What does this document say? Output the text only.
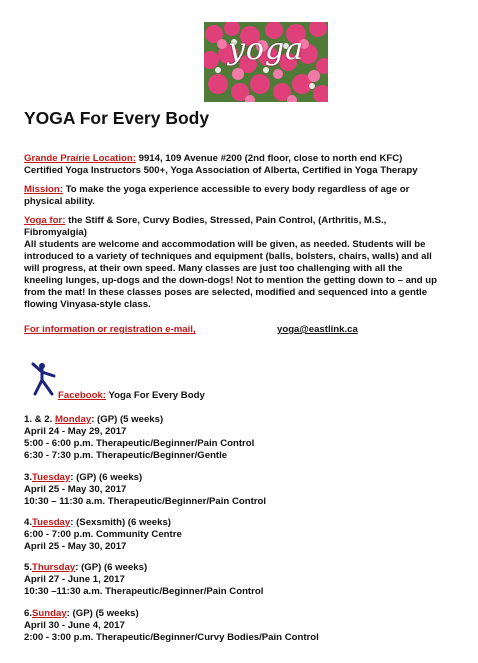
yoga
YOGA For Every Body
Grande Prairie Location: 9914, 109 Avenue #200 (2nd floor, close to north end KFC)
Certified Yoga Instructors 500+, Yoga Association of Alberta, Certified in Yoga Therapy
Mission: To make the yoga experience accessible to every body regardless of age or
physical ability.
Yoga for: the Stiff & Sore, Curvy Bodies, Stressed, Pain Control, (Arthritis, M.S.,
Fibromyalgia)
All students are welcome and accommodation will be given, as needed. Students will be
introduced to a variety of techniques and equipment (balls, bolsters, chairs, walls) and all
will progress, at their own speed. Many classes are just too challenging with all the
kneeling lunges, up-dogs and the down-dogs! Not to mention the getting down to – and up
from the mat! In these classes poses are selected, modified and sequenced into a gentle
flowing Vinyasa-style class.
For information or registration e-mail,	yoga@eastlink.ca
Facebook: Yoga For Every Body
1. & 2. Monday: (GP) (5 weeks)
April 24 - May 29, 2017
5:00 - 6:00 p.m. Therapeutic/Beginner/Pain Control
6:30 - 7:30 p.m. Therapeutic/Beginner/Gentle
3.Tuesday: (GP) (6 weeks)
April 25 - May 30, 2017
10:30 – 11:30 a.m. Therapeutic/Beginner/Pain Control
4.Tuesday: (Sexsmith) (6 weeks)
6:00 - 7:00 p.m. Community Centre
April 25 - May 30, 2017
5.Thursday: (GP) (6 weeks)
April 27 - June 1, 2017
10:30 –11:30 a.m. Therapeutic/Beginner/Pain Control
6.Sunday: (GP) (5 weeks)
April 30 - June 4, 2017
2:00 - 3:00 p.m. Therapeutic/Beginner/Curvy Bodies/Pain Control
